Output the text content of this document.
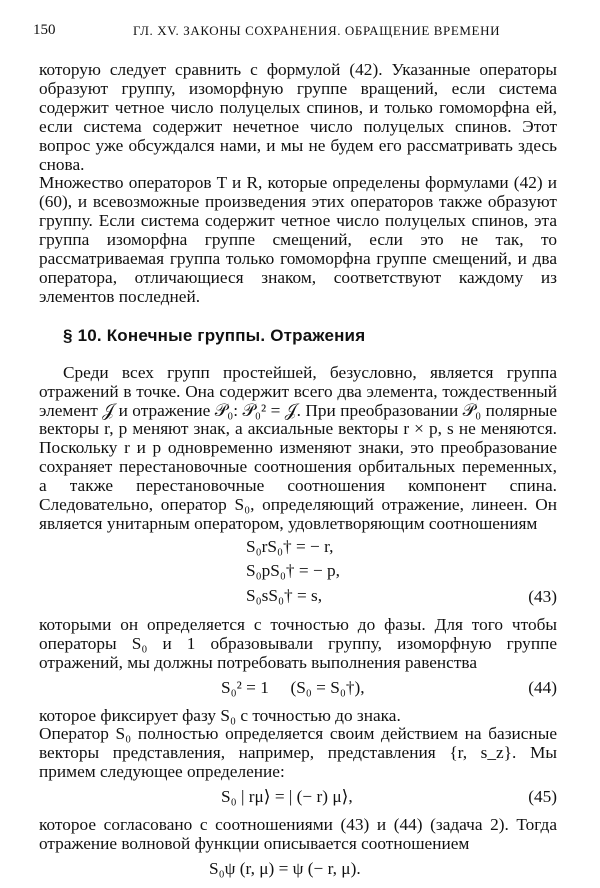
150	ГЛ. XV. ЗАКОНЫ СОХРАНЕНИЯ. ОБРАЩЕНИЕ ВРЕМЕНИ

которую следует сравнить с формулой (42). Указанные операторы образуют группу, изоморфную группе вращений, если система содержит четное число полуцелых спинов, и только гомоморфна ей, если система содержит нечетное число полуцелых спинов. Этот вопрос уже обсуждался нами, и мы не будем его рассматривать здесь снова.

Множество операторов T и R, которые определены формулами (42) и (60), и всевозможные произведения этих операторов также образуют группу. Если система содержит четное число полуцелых спинов, эта группа изоморфна группе смещений, если это не так, то рассматриваемая группа только гомоморфна группе смещений, и два оператора, отличающиеся знаком, соответствуют каждому из элементов последней.

§ 10. Конечные группы. Отражения

Среди всех групп простейшей, безусловно, является группа отражений в точке. Она содержит всего два элемента, тождественный элемент 𝒥 и отражение 𝒫₀: 𝒫₀² = 𝒥. При преобразовании 𝒫₀ полярные векторы r, p меняют знак, а аксиальные векторы r × p, s не меняются. Поскольку r и p одновременно изменяют знаки, это преобразование сохраняет перестановочные соотношения орбитальных переменных, а также перестановочные соотношения компонент спина. Следовательно, оператор S₀, определяющий отражение, линеен. Он является унитарным оператором, удовлетворяющим соотношениям

S₀rS₀† = − r,
S₀pS₀† = − p,
S₀sS₀† = s,	(43)

которыми он определяется с точностью до фазы. Для того чтобы операторы S₀ и 1 образовывали группу, изоморфную группе отражений, мы должны потребовать выполнения равенства

S₀² = 1     (S₀ = S₀†),	(44)

которое фиксирует фазу S₀ с точностью до знака.

Оператор S₀ полностью определяется своим действием на базисные векторы представления, например, представления {r, s_z}. Мы примем следующее определение:

S₀ | rμ⟩ = | (− r) μ⟩,	(45)

которое согласовано с соотношениями (43) и (44) (задача 2). Тогда отражение волновой функции описывается соотношением

S₀ψ (r, μ) = ψ (− r, μ).
